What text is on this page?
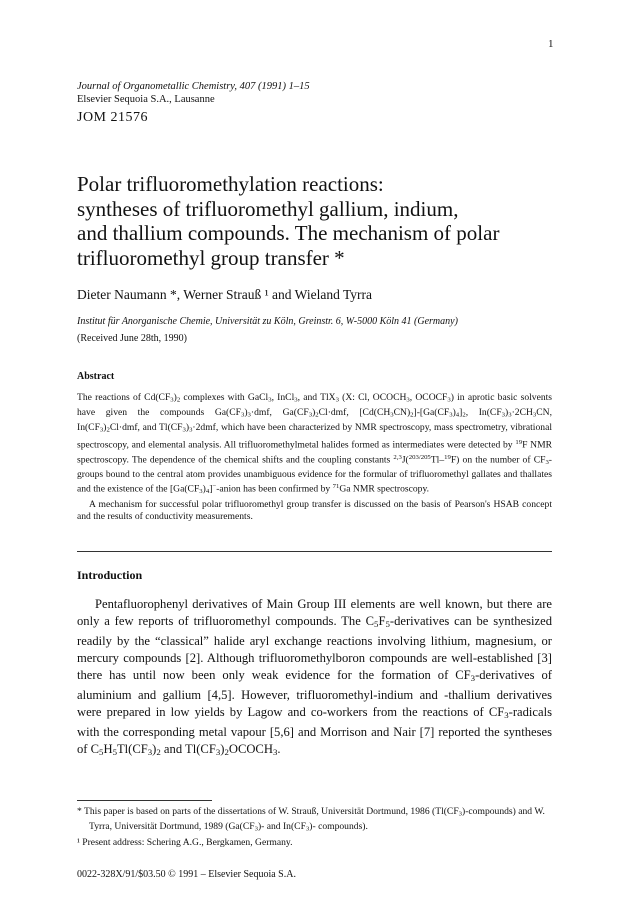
1
Journal of Organometallic Chemistry, 407 (1991) 1–15
Elsevier Sequoia S.A., Lausanne
JOM 21576
Polar trifluoromethylation reactions:
syntheses of trifluoromethyl gallium, indium,
and thallium compounds. The mechanism of polar
trifluoromethyl group transfer *
Dieter Naumann *, Werner Strauß ¹ and Wieland Tyrra
Institut für Anorganische Chemie, Universität zu Köln, Greinstr. 6, W-5000 Köln 41 (Germany)
(Received June 28th, 1990)
Abstract

The reactions of $Cd(CF_3)_2$ complexes with GaCl$_3$, InCl$_3$, and TlX$_3$ (X: Cl, $OCOCH_3$, $OCOCF_3$) in aprotic basic solvents have given the compounds $Ga(CF_3)_3\cdot dmf$, $Ga(CF_3)_2Cl\cdot dmf$, $[Cd(CH_3CN)_2]-[Ga(CF_3)_4]_2$, $In(CF_3)_3\cdot 2CH_3CN$, $In(CF_3)_2Cl\cdot dmf$, and $Tl(CF_3)_3\cdot 2dmf$, which have been characterized by NMR spectroscopy, mass spectrometry, vibrational spectroscopy, and elemental analysis. All trifluoromethylmetal halides formed as intermediates were detected by $^{19}$F NMR spectroscopy. The dependence of the chemical shifts and the coupling constants $^{2,3}$J($^{203/205}$Tl–$^{19}$F) on the number of $CF_3$-groups bound to the central atom provides unambiguous evidence for the formular of trifluoromethyl gallates and thallates and the existence of the $[Ga(CF_3)_4]^-$-anion has been confirmed by $^{71}$Ga NMR spectroscopy.

A mechanism for successful polar trifluoromethyl group transfer is discussed on the basis of Pearson's HSAB concept and the results of conductivity measurements.

Introduction

Pentafluorophenyl derivatives of Main Group III elements are well known, but there are only a few reports of trifluoromethyl compounds. The $C_5F_5$-derivatives can be synthesized readily by the “classical” halide aryl exchange reactions involving lithium, magnesium, or mercury compounds [2]. Although trifluoromethylboron compounds are well-established [3] there has until now been only weak evidence for the formation of $CF_3$-derivatives of aluminium and gallium [4,5]. However, trifluoromethyl-indium and -thallium derivatives were prepared in low yields by Lagow and co-workers from the reactions of $CF_3$-radicals with the corresponding metal vapour [5,6] and Morrison and Nair [7] reported the syntheses of $C_5H_5Tl(CF_3)_2$ and $Tl(CF_3)_2OCOCH_3$.

* This paper is based on parts of the dissertations of W. Strauß, Universität Dortmund, 1986 $(Tl(CF_3)-compounds)$ and W. Tyrra, Universität Dortmund, 1989 ($Ga(CF_3)-$ and $In(CF_3)-$ compounds).

¹ Present address: Schering A.G., Bergkamen, Germany.

0022-328X/91/$03.50 © 1991 – Elsevier Sequoia S.A.
